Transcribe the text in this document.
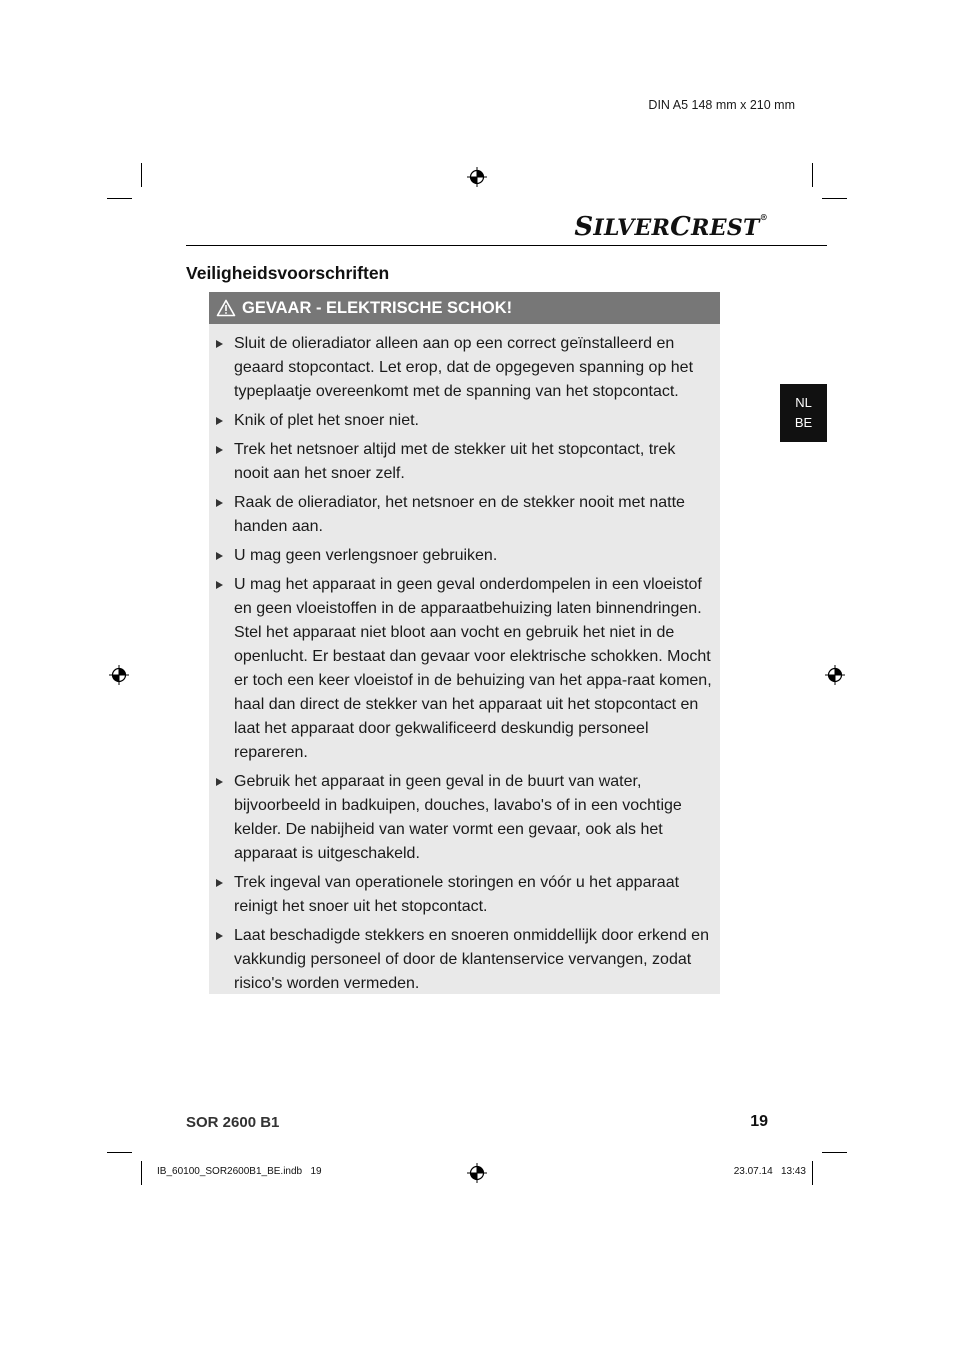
DIN A5 148 mm x 210 mm
SILVERCREST®
Veiligheidsvoorschriften
NL
BE
GEVAAR - ELEKTRISCHE SCHOK!
Sluit de olieradiator alleen aan op een correct geïnstalleerd en geaard stopcontact. Let erop, dat de opgegeven spanning op het typeplaatje overeenkomt met de spanning van het stopcontact.
Knik of plet het snoer niet.
Trek het netsnoer altijd met de stekker uit het stopcontact, trek nooit aan het snoer zelf.
Raak de olieradiator, het netsnoer en de stekker nooit met natte handen aan.
U mag geen verlengsnoer gebruiken.
U mag het apparaat in geen geval onderdompelen in een vloeistof en geen vloeistoffen in de apparaatbehuizing laten binnendringen. Stel het apparaat niet bloot aan vocht en gebruik het niet in de openlucht. Er bestaat dan gevaar voor elektrische schokken. Mocht er toch een keer vloeistof in de behuizing van het appa-raat komen, haal dan direct de stekker van het apparaat uit het stopcontact en laat het apparaat door gekwalificeerd deskundig personeel repareren.
Gebruik het apparaat in geen geval in de buurt van water, bijvoorbeeld in badkuipen, douches, lavabo's of in een vochtige kelder. De nabijheid van water vormt een gevaar, ook als het apparaat is uitgeschakeld.
Trek ingeval van operationele storingen en vóór u het apparaat reinigt het snoer uit het stopcontact.
Laat beschadigde stekkers en snoeren onmiddellijk door erkend en vakkundig personeel of door de klantenservice vervangen, zodat risico's worden vermeden.
SOR 2600 B1	19
IB_60100_SOR2600B1_BE.indb   19	23.07.14   13:43
